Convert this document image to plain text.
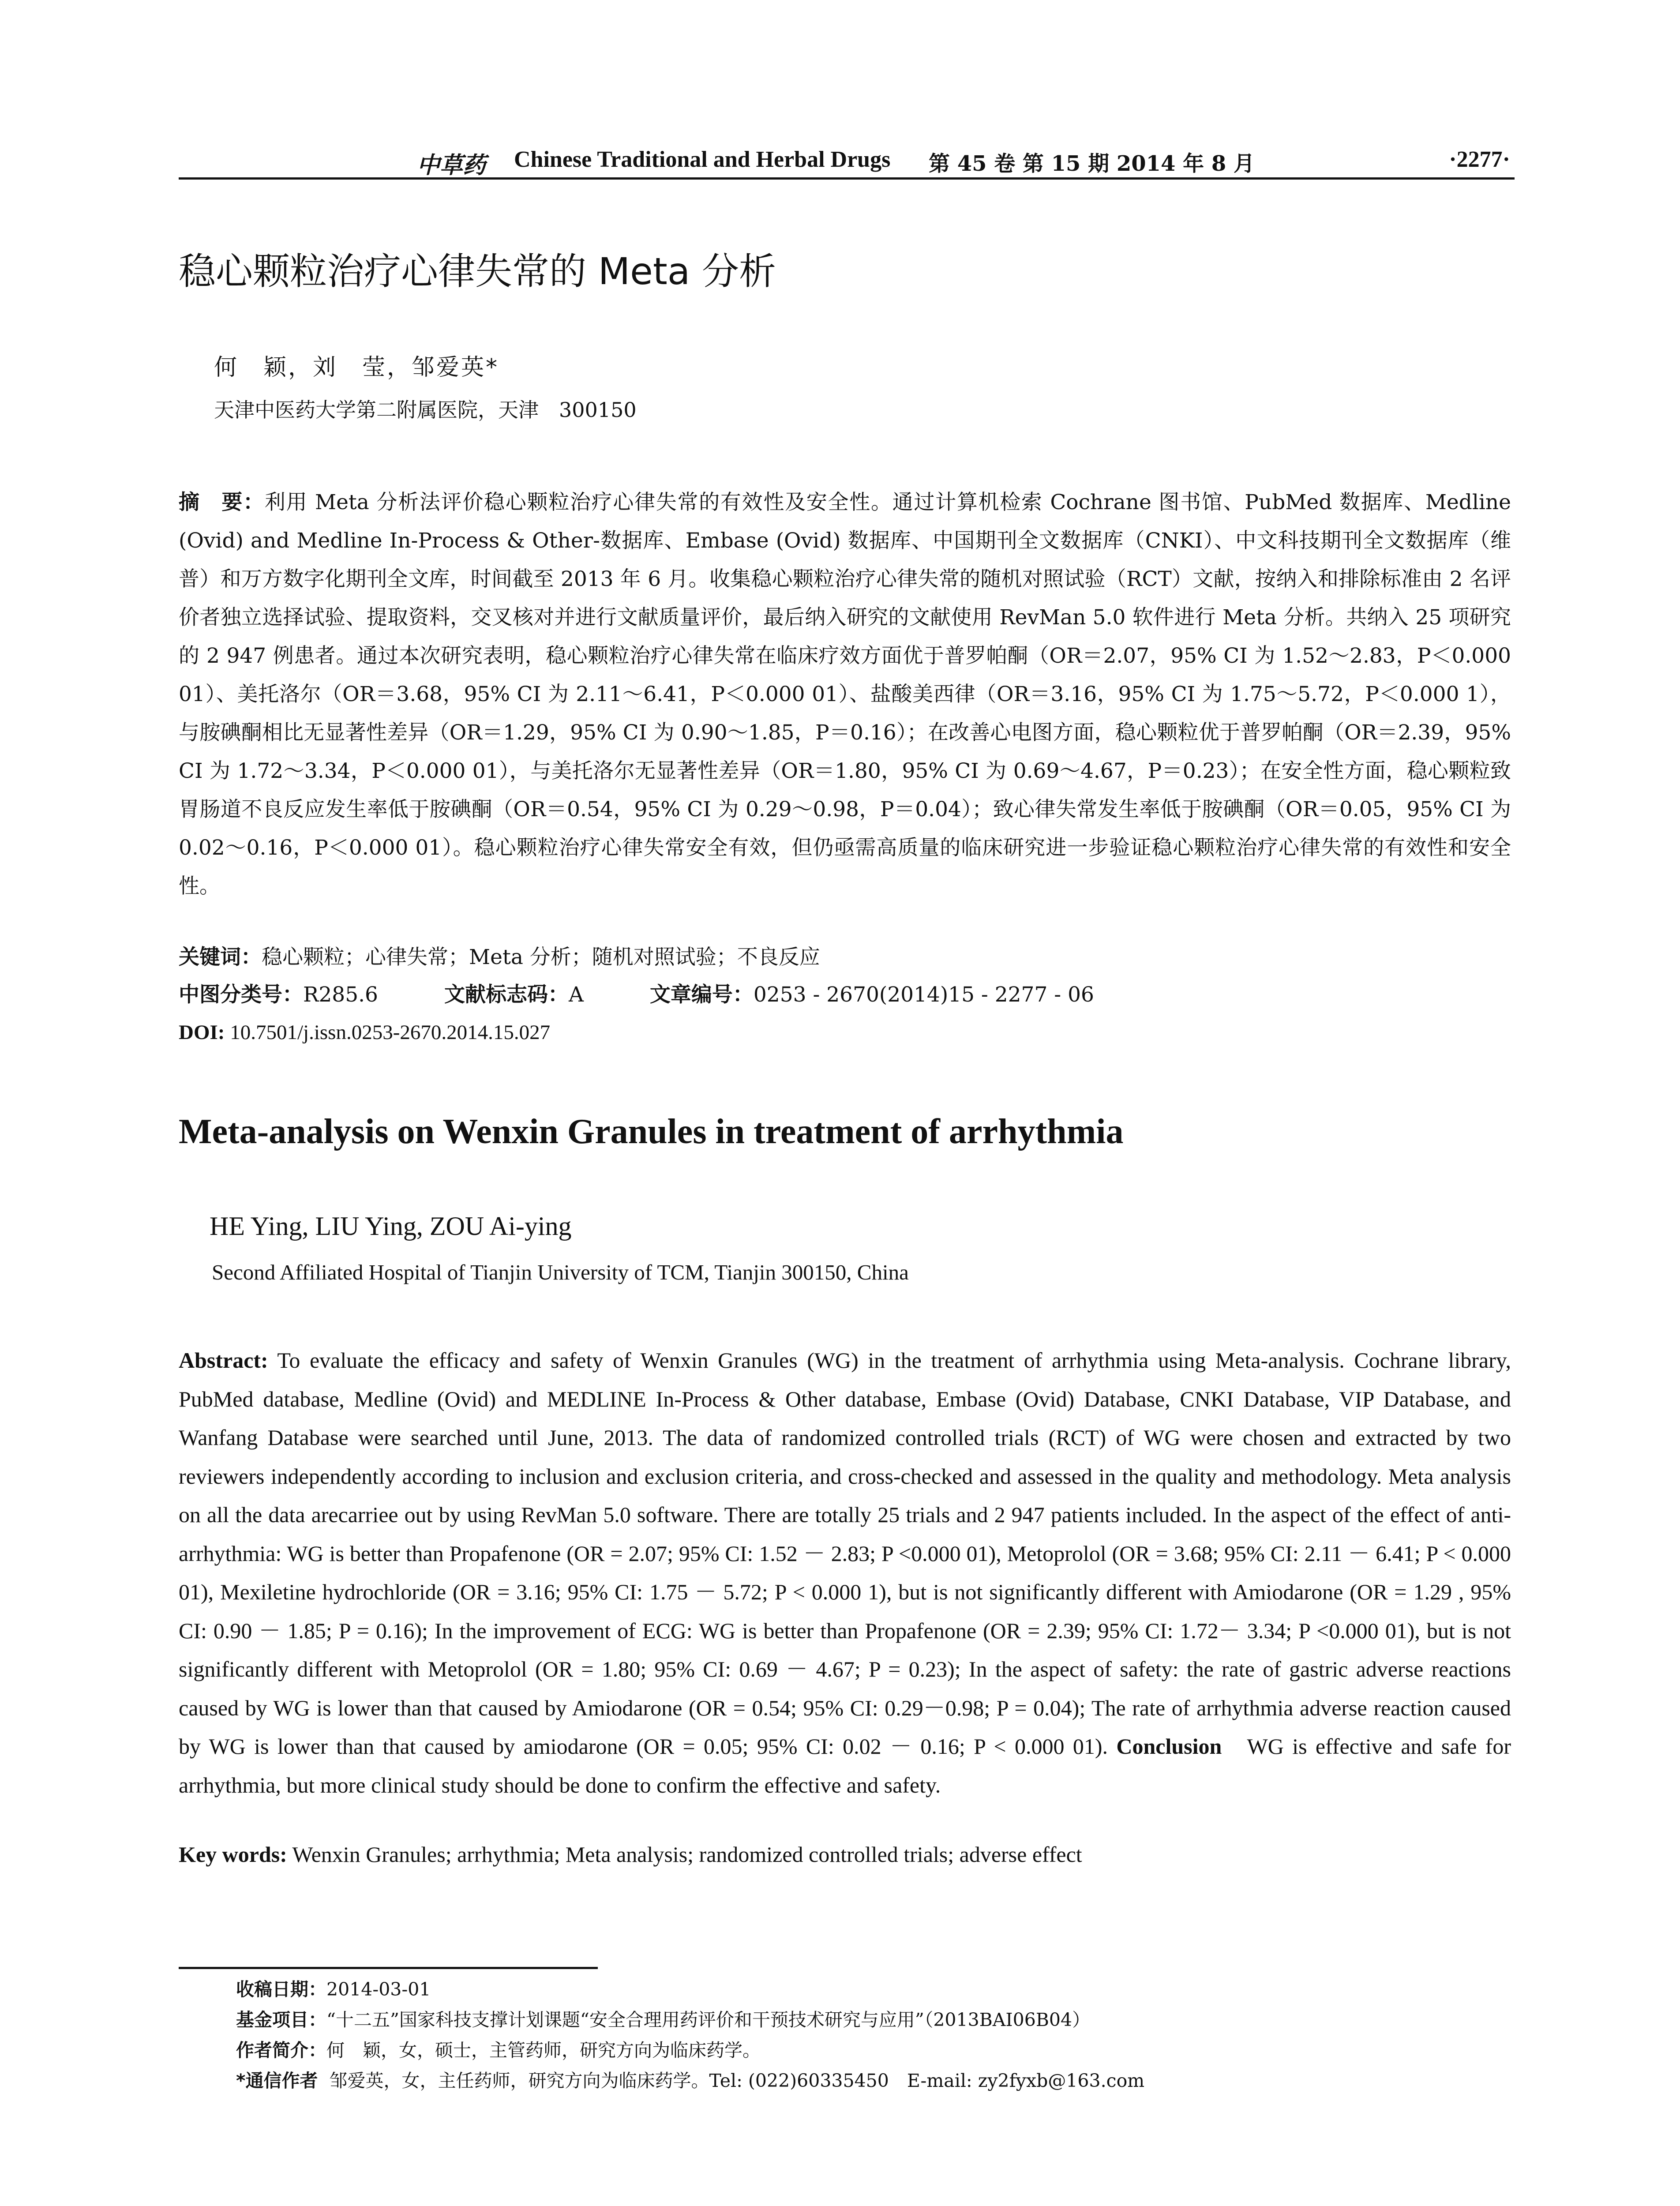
中草药 Chinese Traditional and Herbal Drugs 第 45 卷 第 15 期 2014 年 8 月	·2277·
稳心颗粒治疗心律失常的 Meta 分析
何　颖，刘　莹，邹爱英*
天津中医药大学第二附属医院，天津　300150
摘　要：利用 Meta 分析法评价稳心颗粒治疗心律失常的有效性及安全性。通过计算机检索 Cochrane 图书馆、PubMed 数据库、Medline (Ovid) and Medline In-Process & Other-数据库、Embase (Ovid) 数据库、中国期刊全文数据库（CNKI）、中文科技期刊全文数据库（维普）和万方数字化期刊全文库，时间截至 2013 年 6 月。收集稳心颗粒治疗心律失常的随机对照试验（RCT）文献，按纳入和排除标准由 2 名评价者独立选择试验、提取资料，交叉核对并进行文献质量评价，最后纳入研究的文献使用 RevMan 5.0 软件进行 Meta 分析。共纳入 25 项研究的 2 947 例患者。通过本次研究表明，稳心颗粒治疗心律失常在临床疗效方面优于普罗帕酮（OR＝2.07，95% CI 为 1.52～2.83，P＜0.000 01）、美托洛尔（OR＝3.68，95% CI 为 2.11～6.41，P＜0.000 01）、盐酸美西律（OR＝3.16，95% CI 为 1.75～5.72，P＜0.000 1），与胺碘酮相比无显著性差异（OR＝1.29，95% CI 为 0.90～1.85，P＝0.16）；在改善心电图方面，稳心颗粒优于普罗帕酮（OR＝2.39，95% CI 为 1.72～3.34，P＜0.000 01），与美托洛尔无显著性差异（OR＝1.80，95% CI 为 0.69～4.67，P＝0.23）；在安全性方面，稳心颗粒致胃肠道不良反应发生率低于胺碘酮（OR＝0.54，95% CI 为 0.29～0.98，P＝0.04）；致心律失常发生率低于胺碘酮（OR＝0.05，95% CI 为 0.02～0.16，P＜0.000 01）。稳心颗粒治疗心律失常安全有效，但仍亟需高质量的临床研究进一步验证稳心颗粒治疗心律失常的有效性和安全性。
关键词：稳心颗粒；心律失常；Meta 分析；随机对照试验；不良反应
中图分类号：R285.6	文献标志码：A	文章编号：0253 - 2670(2014)15 - 2277 - 06
DOI: 10.7501/j.issn.0253-2670.2014.15.027
Meta-analysis on Wenxin Granules in treatment of arrhythmia
HE Ying, LIU Ying, ZOU Ai-ying
Second Affiliated Hospital of Tianjin University of TCM, Tianjin 300150, China
Abstract: To evaluate the efficacy and safety of Wenxin Granules (WG) in the treatment of arrhythmia using Meta-analysis. Cochrane library, PubMed database, Medline (Ovid) and MEDLINE In-Process & Other database, Embase (Ovid) Database, CNKI Database, VIP Database, and Wanfang Database were searched until June, 2013. The data of randomized controlled trials (RCT) of WG were chosen and extracted by two reviewers independently according to inclusion and exclusion criteria, and cross-checked and assessed in the quality and methodology. Meta analysis on all the data arecarriee out by using RevMan 5.0 software. There are totally 25 trials and 2 947 patients included. In the aspect of the effect of anti-arrhythmia: WG is better than Propafenone (OR = 2.07; 95% CI: 1.52 － 2.83; P <0.000 01), Metoprolol (OR = 3.68; 95% CI: 2.11 － 6.41; P < 0.000 01), Mexiletine hydrochloride (OR = 3.16; 95% CI: 1.75 － 5.72; P < 0.000 1), but is not significantly different with Amiodarone (OR = 1.29 , 95% CI: 0.90 － 1.85; P = 0.16); In the improvement of ECG: WG is better than Propafenone (OR = 2.39; 95% CI: 1.72－ 3.34; P <0.000 01), but is not significantly different with Metoprolol (OR = 1.80; 95% CI: 0.69 － 4.67; P = 0.23); In the aspect of safety: the rate of gastric adverse reactions caused by WG is lower than that caused by Amiodarone (OR = 0.54; 95% CI: 0.29－0.98; P = 0.04); The rate of arrhythmia adverse reaction caused by WG is lower than that caused by amiodarone (OR = 0.05; 95% CI: 0.02 － 0.16; P < 0.000 01). Conclusion WG is effective and safe for arrhythmia, but more clinical study should be done to confirm the effective and safety.
Key words: Wenxin Granules; arrhythmia; Meta analysis; randomized controlled trials; adverse effect
收稿日期：2014-03-01
基金项目：“十二五”国家科技支撑计划课题“安全合理用药评价和干预技术研究与应用”（2013BAI06B04）
作者简介：何　颖，女，硕士，主管药师，研究方向为临床药学。
*通信作者 邹爱英，女，主任药师，研究方向为临床药学。Tel: (022)60335450　E-mail: zy2fyxb@163.com
